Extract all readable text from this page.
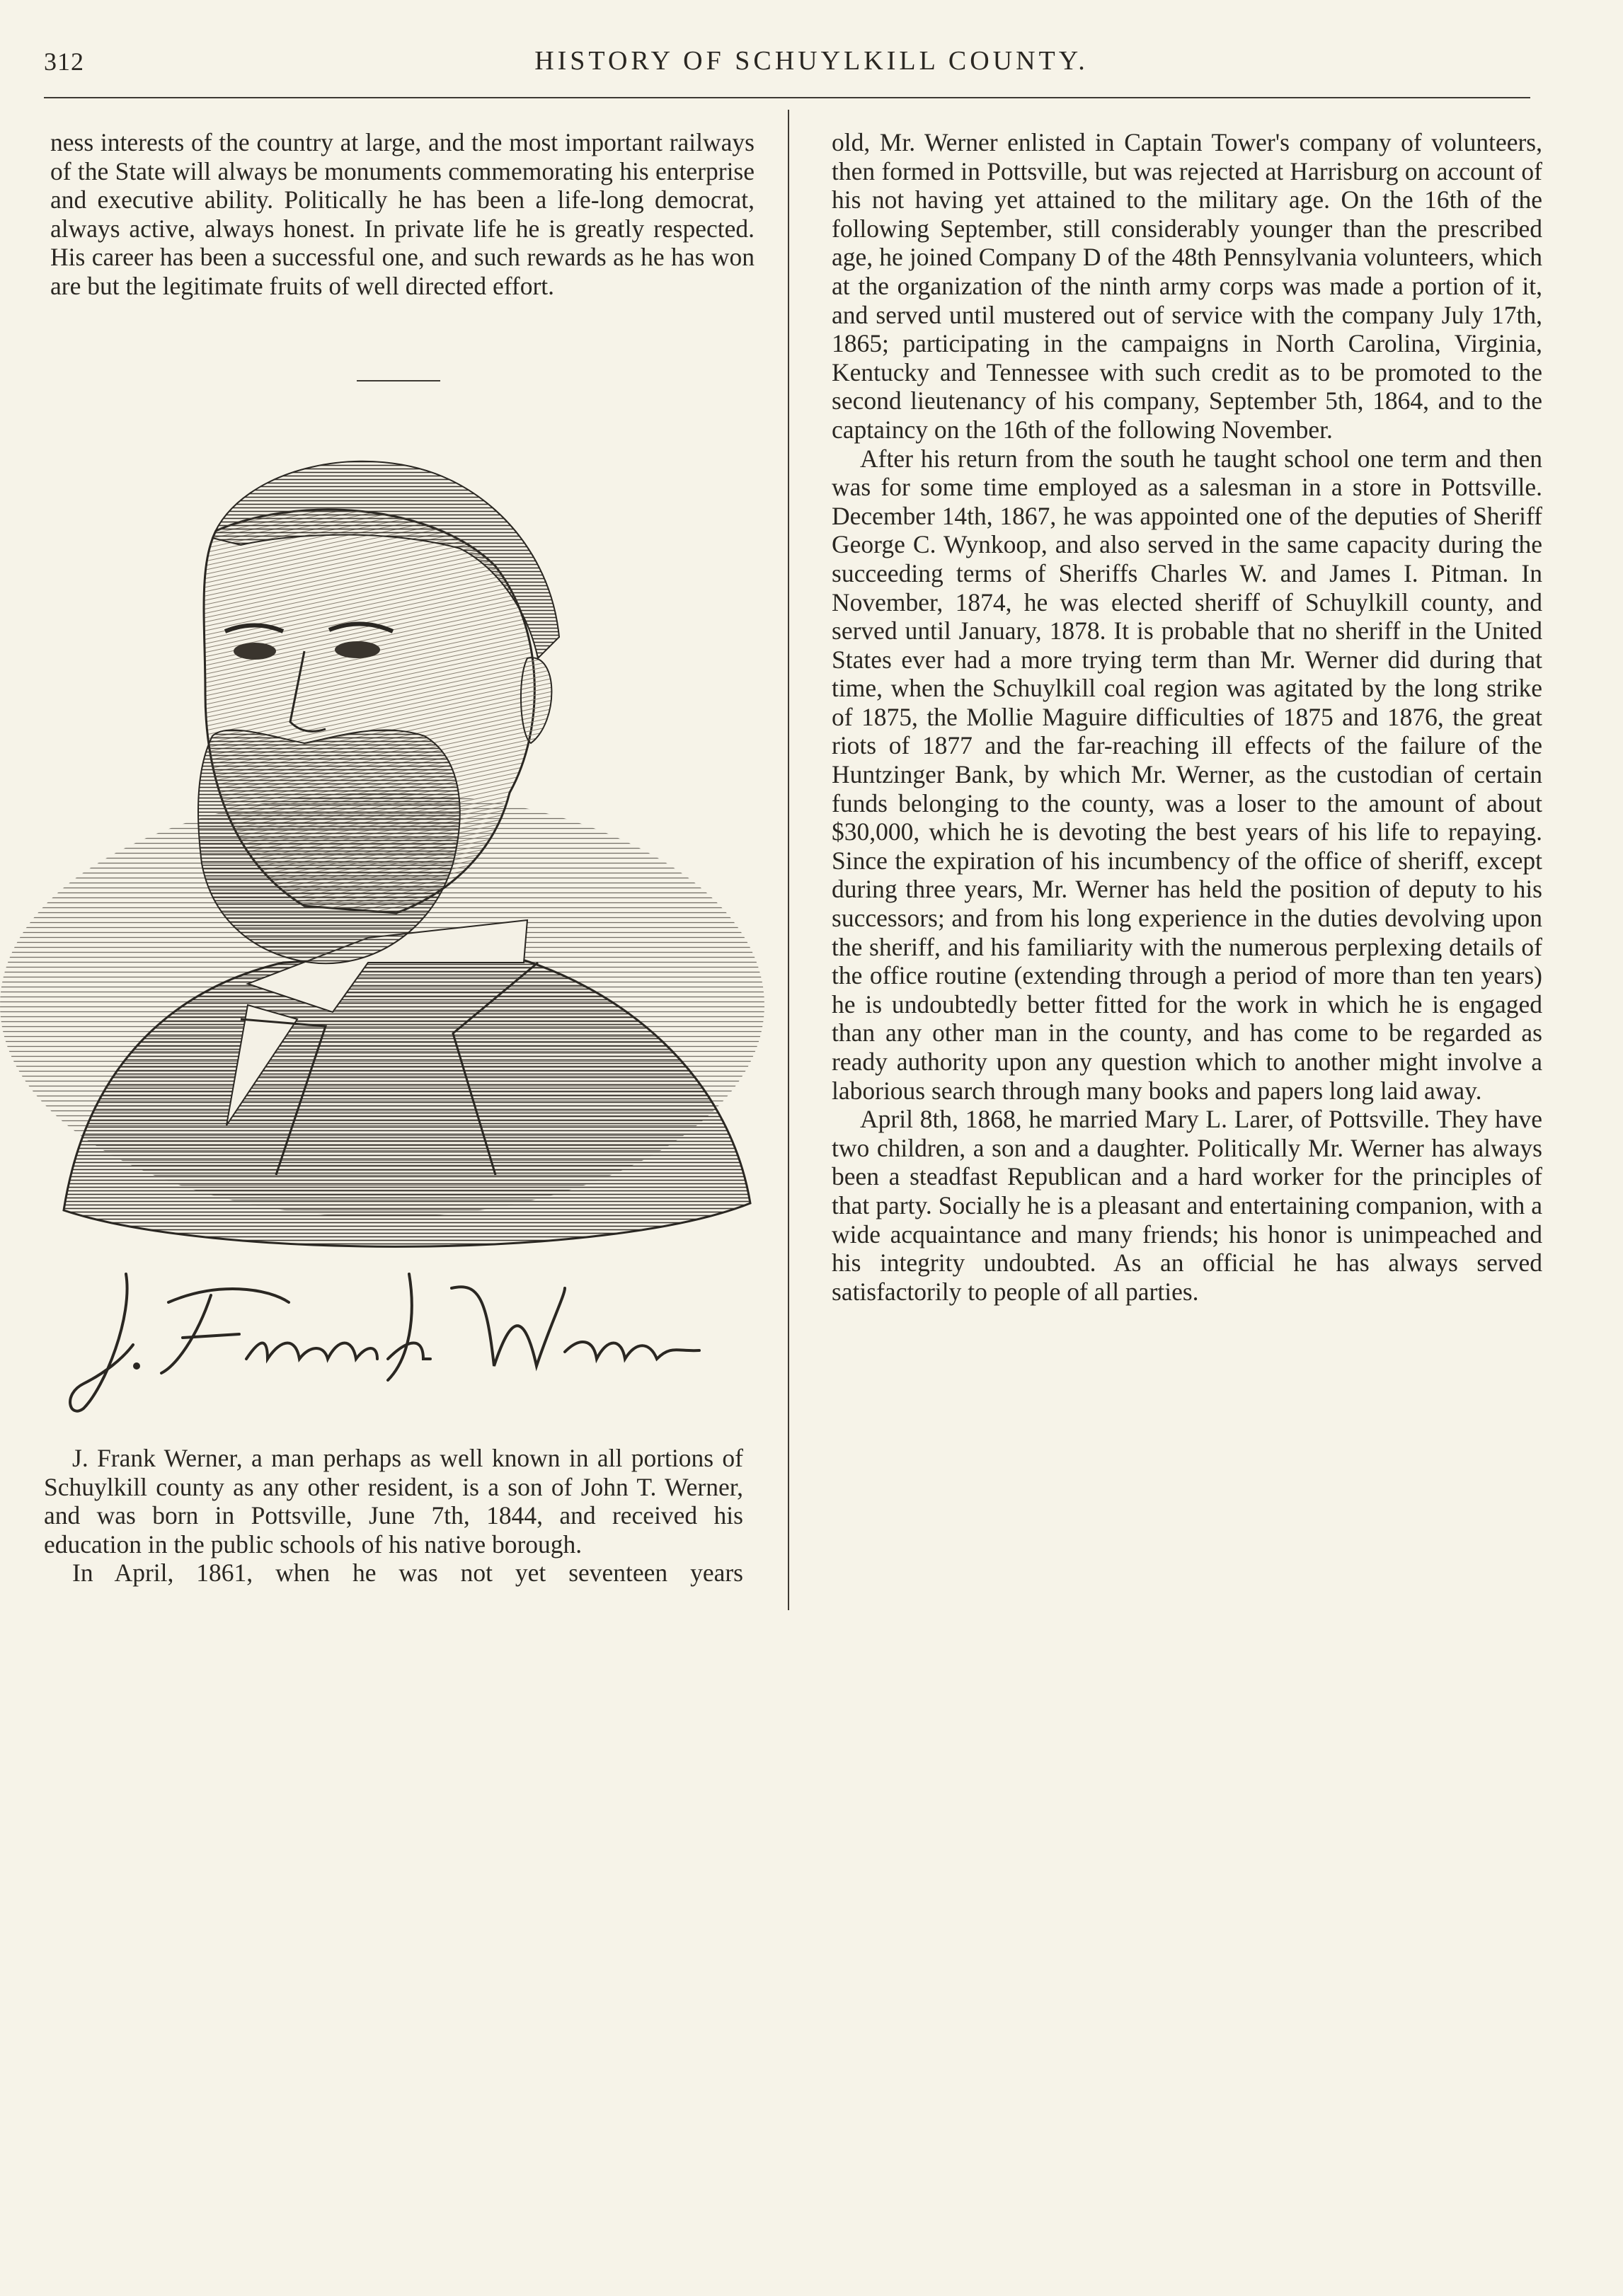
312	HISTORY OF SCHUYLKILL COUNTY.

ness interests of the country at large, and the most important railways of the State will always be monuments commemorating his enterprise and executive ability. Politically he has been a life-long democrat, always active, always honest. In private life he is greatly respected. His career has been a successful one, and such rewards as he has won are but the legitimate fruits of well directed effort.

J. Frank Werner, a man perhaps as well known in all portions of Schuylkill county as any other resident, is a son of John T. Werner, and was born in Pottsville, June 7th, 1844, and received his education in the public schools of his native borough.

In April, 1861, when he was not yet seventeen years

old, Mr. Werner enlisted in Captain Tower's company of volunteers, then formed in Pottsville, but was rejected at Harrisburg on account of his not having yet attained to the military age. On the 16th of the following September, still considerably younger than the prescribed age, he joined Company D of the 48th Pennsylvania volunteers, which at the organization of the ninth army corps was made a portion of it, and served until mustered out of service with the company July 17th, 1865; participating in the campaigns in North Carolina, Virginia, Kentucky and Tennessee with such credit as to be promoted to the second lieutenancy of his company, September 5th, 1864, and to the captaincy on the 16th of the following November.

After his return from the south he taught school one term and then was for some time employed as a salesman in a store in Pottsville. December 14th, 1867, he was appointed one of the deputies of Sheriff George C. Wynkoop, and also served in the same capacity during the succeeding terms of Sheriffs Charles W. and James I. Pitman. In November, 1874, he was elected sheriff of Schuylkill county, and served until January, 1878. It is probable that no sheriff in the United States ever had a more trying term than Mr. Werner did during that time, when the Schuylkill coal region was agitated by the long strike of 1875, the Mollie Maguire difficulties of 1875 and 1876, the great riots of 1877 and the far-reaching ill effects of the failure of the Huntzinger Bank, by which Mr. Werner, as the custodian of certain funds belonging to the county, was a loser to the amount of about $30,000, which he is devoting the best years of his life to repaying. Since the expiration of his incumbency of the office of sheriff, except during three years, Mr. Werner has held the position of deputy to his successors; and from his long experience in the duties devolving upon the sheriff, and his familiarity with the numerous perplexing details of the office routine (extending through a period of more than ten years) he is undoubtedly better fitted for the work in which he is engaged than any other man in the county, and has come to be regarded as ready authority upon any question which to another might involve a laborious search through many books and papers long laid away.

April 8th, 1868, he married Mary L. Larer, of Pottsville. They have two children, a son and a daughter. Politically Mr. Werner has always been a steadfast Republican and a hard worker for the principles of that party. Socially he is a pleasant and entertaining companion, with a wide acquaintance and many friends; his honor is unimpeached and his integrity undoubted. As an official he has always served satisfactorily to people of all parties.
